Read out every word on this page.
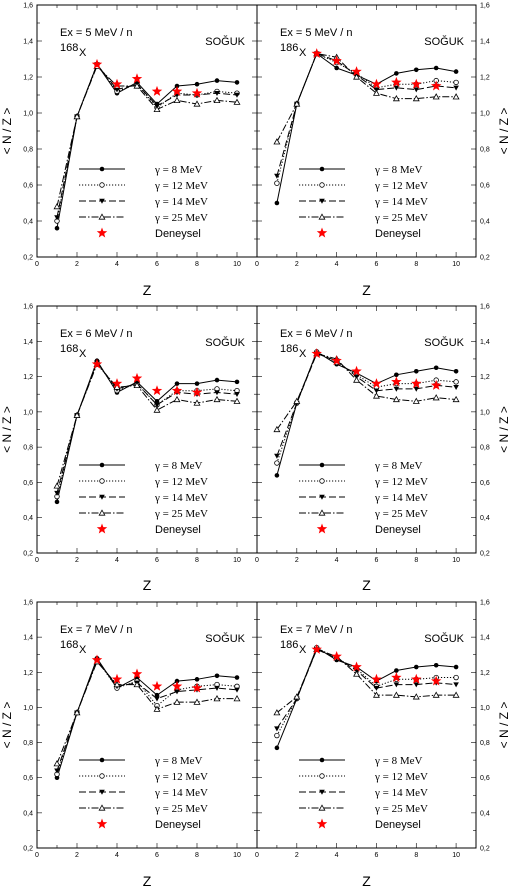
0	2	4	6	8	10
0,2
0,4
0,6
0,8
1,0
1,2
1,4
1,6
Ex = 5 MeV / n
168 X
SOĞUK
γ = 8 MeV
γ = 12 MeV
γ = 14 MeV
γ = 25 MeV
Deneysel
Z
< N / Z >
0	2	4	6	8	10
0,2
0,4
0,6
0,8
1,0
1,2
1,4
1,6
Ex = 5 MeV / n
186 X
SOĞUK
γ = 8 MeV
γ = 12 MeV
γ = 14 MeV
γ = 25 MeV
Deneysel
Z
< N / Z >
0	2	4	6	8	10
0,2
0,4
0,6
0,8
1,0
1,2
1,4
1,6
Ex = 6 MeV / n
168 X
SOĞUK
γ = 8 MeV
γ = 12 MeV
γ = 14 MeV
γ = 25 MeV
Deneysel
Z
< N / Z >
0	2	4	6	8	10
0,2
0,4
0,6
0,8
1,0
1,2
1,4
1,6
Ex = 6 MeV / n
186 X
SOĞUK
γ = 8 MeV
γ = 12 MeV
γ = 14 MeV
γ = 25 MeV
Deneysel
Z
< N / Z >
0	2	4	6	8	10
0,2
0,4
0,6
0,8
1,0
1,2
1,4
1,6
Ex = 7 MeV / n
168 X
SOĞUK
γ = 8 MeV
γ = 12 MeV
γ = 14 MeV
γ = 25 MeV
Deneysel
Z
< N / Z >
0	2	4	6	8	10
0,2
0,4
0,6
0,8
1,0
1,2
1,4
1,6
Ex = 7 MeV / n
186 X
SOĞUK
γ = 8 MeV
γ = 12 MeV
γ = 14 MeV
γ = 25 MeV
Deneysel
Z
< N / Z >
